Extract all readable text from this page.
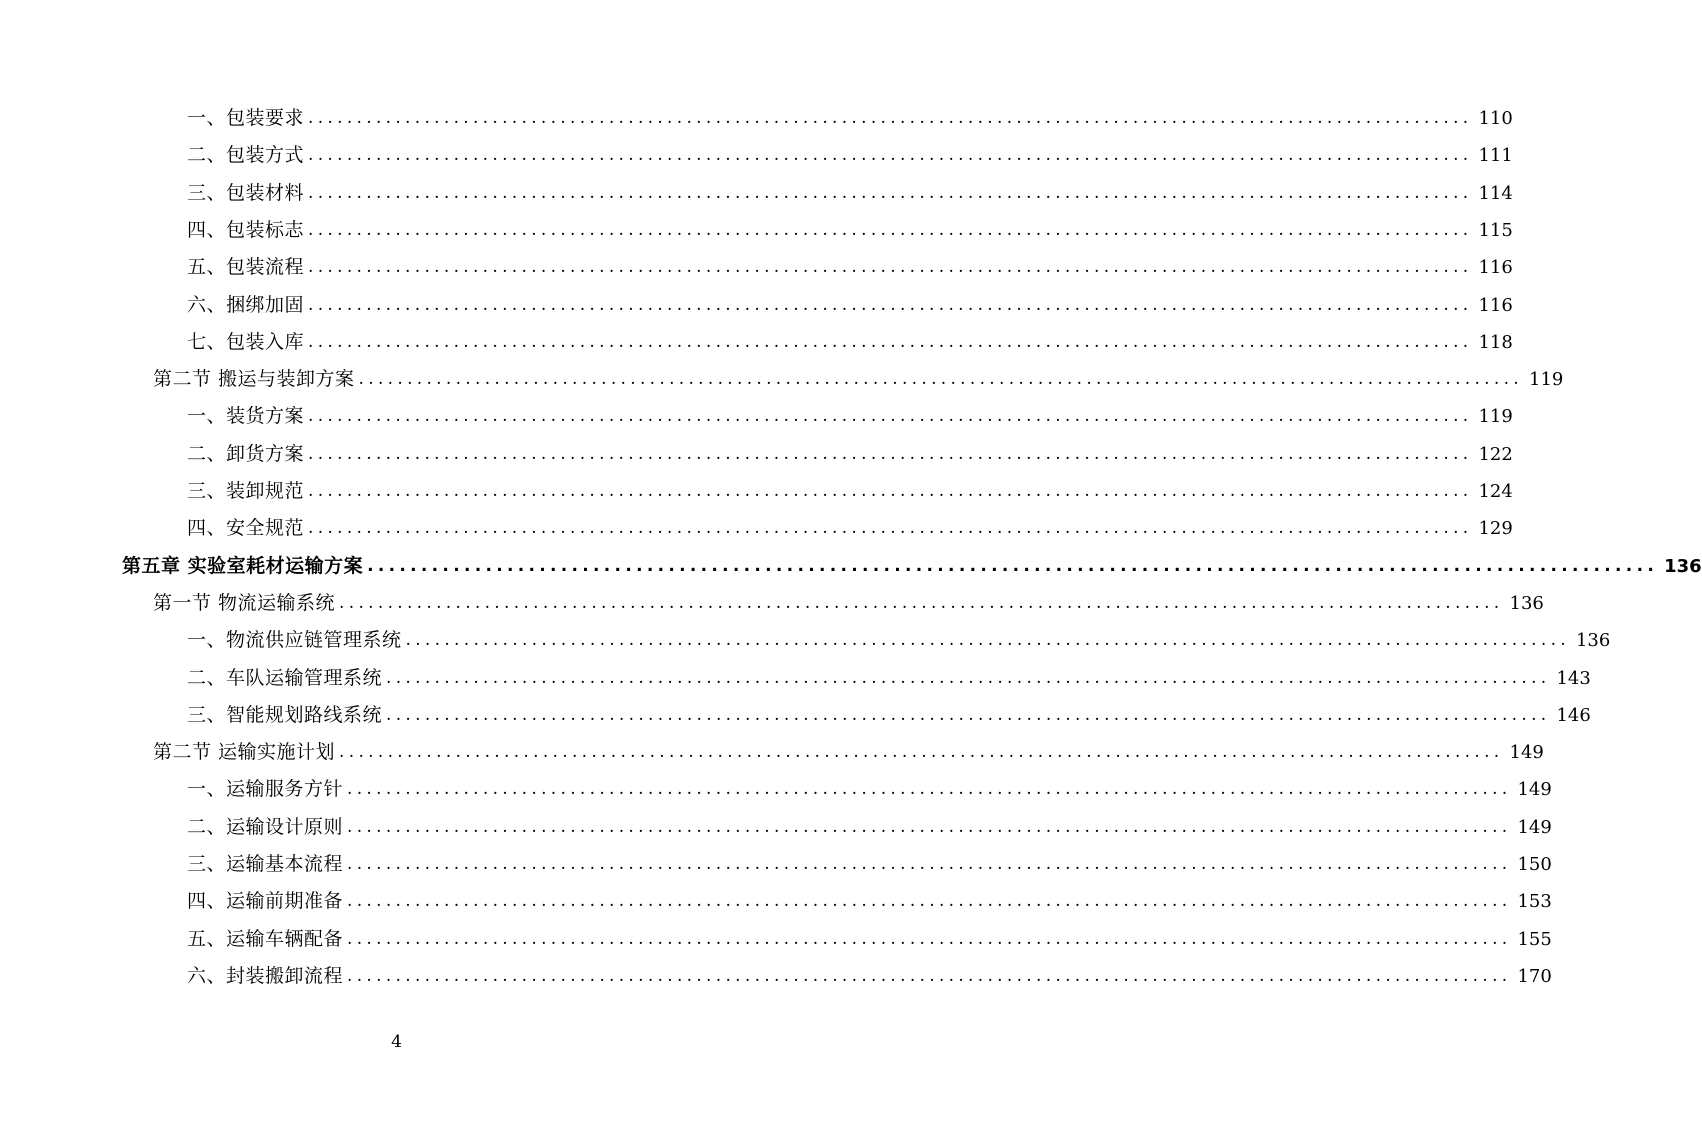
一、包装要求 ........................................................................................................................ 110
二、包装方式 ........................................................................................................................ 111
三、包装材料 ........................................................................................................................ 114
四、包装标志 ........................................................................................................................ 115
五、包装流程 ........................................................................................................................ 116
六、捆绑加固 ........................................................................................................................ 116
七、包装入库 ........................................................................................................................ 118
第二节 搬运与装卸方案 ........................................................................................................................ 119
一、装货方案 ........................................................................................................................ 119
二、卸货方案 ........................................................................................................................ 122
三、装卸规范 ........................................................................................................................ 124
四、安全规范 ........................................................................................................................ 129
第五章 实验室耗材运输方案 ........................................................................................................................ 136
第一节 物流运输系统 ........................................................................................................................ 136
一、物流供应链管理系统 ........................................................................................................................ 136
二、车队运输管理系统 ........................................................................................................................ 143
三、智能规划路线系统 ........................................................................................................................ 146
第二节 运输实施计划 ........................................................................................................................ 149
一、运输服务方针 ........................................................................................................................ 149
二、运输设计原则 ........................................................................................................................ 149
三、运输基本流程 ........................................................................................................................ 150
四、运输前期准备 ........................................................................................................................ 153
五、运输车辆配备 ........................................................................................................................ 155
六、封装搬卸流程 ........................................................................................................................ 170
4
